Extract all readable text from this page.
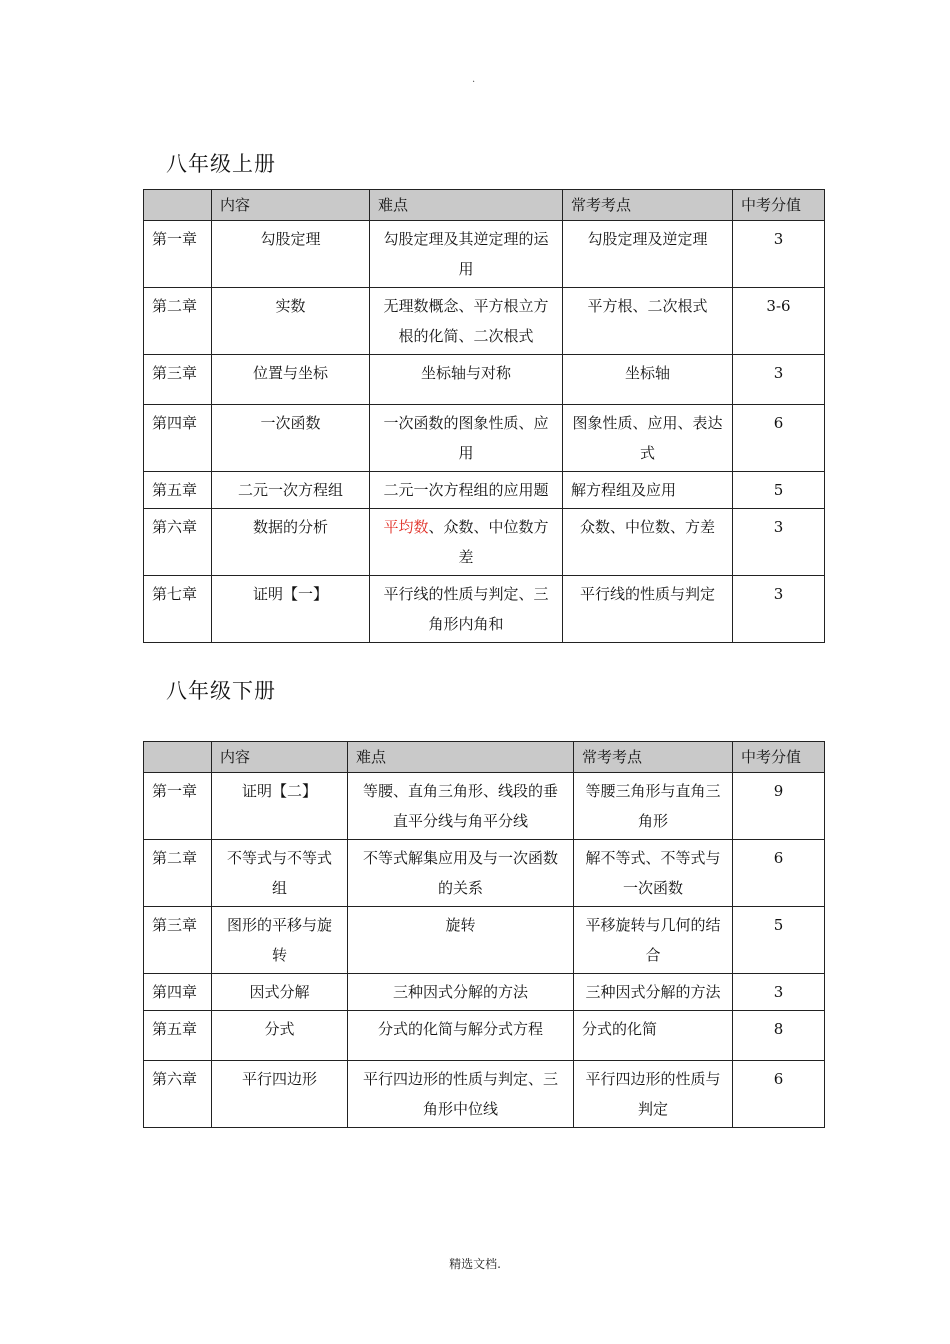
.
八年级上册
	内容	难点	常考考点	中考分值
第一章	勾股定理	勾股定理及其逆定理的运用	勾股定理及逆定理	3
第二章	实数	无理数概念、平方根立方根的化简、二次根式	平方根、二次根式	3-6
第三章	位置与坐标	坐标轴与对称	坐标轴	3
第四章	一次函数	一次函数的图象性质、应用	图象性质、应用、表达式	6
第五章	二元一次方程组	二元一次方程组的应用题	解方程组及应用	5
第六章	数据的分析	平均数、众数、中位数方差	众数、中位数、方差	3
第七章	证明【一】	平行线的性质与判定、三角形内角和	平行线的性质与判定	3
八年级下册
	内容	难点	常考考点	中考分值
第一章	证明【二】	等腰、直角三角形、线段的垂直平分线与角平分线	等腰三角形与直角三角形	9
第二章	不等式与不等式组	不等式解集应用及与一次函数的关系	解不等式、不等式与一次函数	6
第三章	图形的平移与旋转	旋转	平移旋转与几何的结合	5
第四章	因式分解	三种因式分解的方法	三种因式分解的方法	3
第五章	分式	分式的化简与解分式方程	分式的化简	8
第六章	平行四边形	平行四边形的性质与判定、三角形中位线	平行四边形的性质与判定	6
精选文档.
